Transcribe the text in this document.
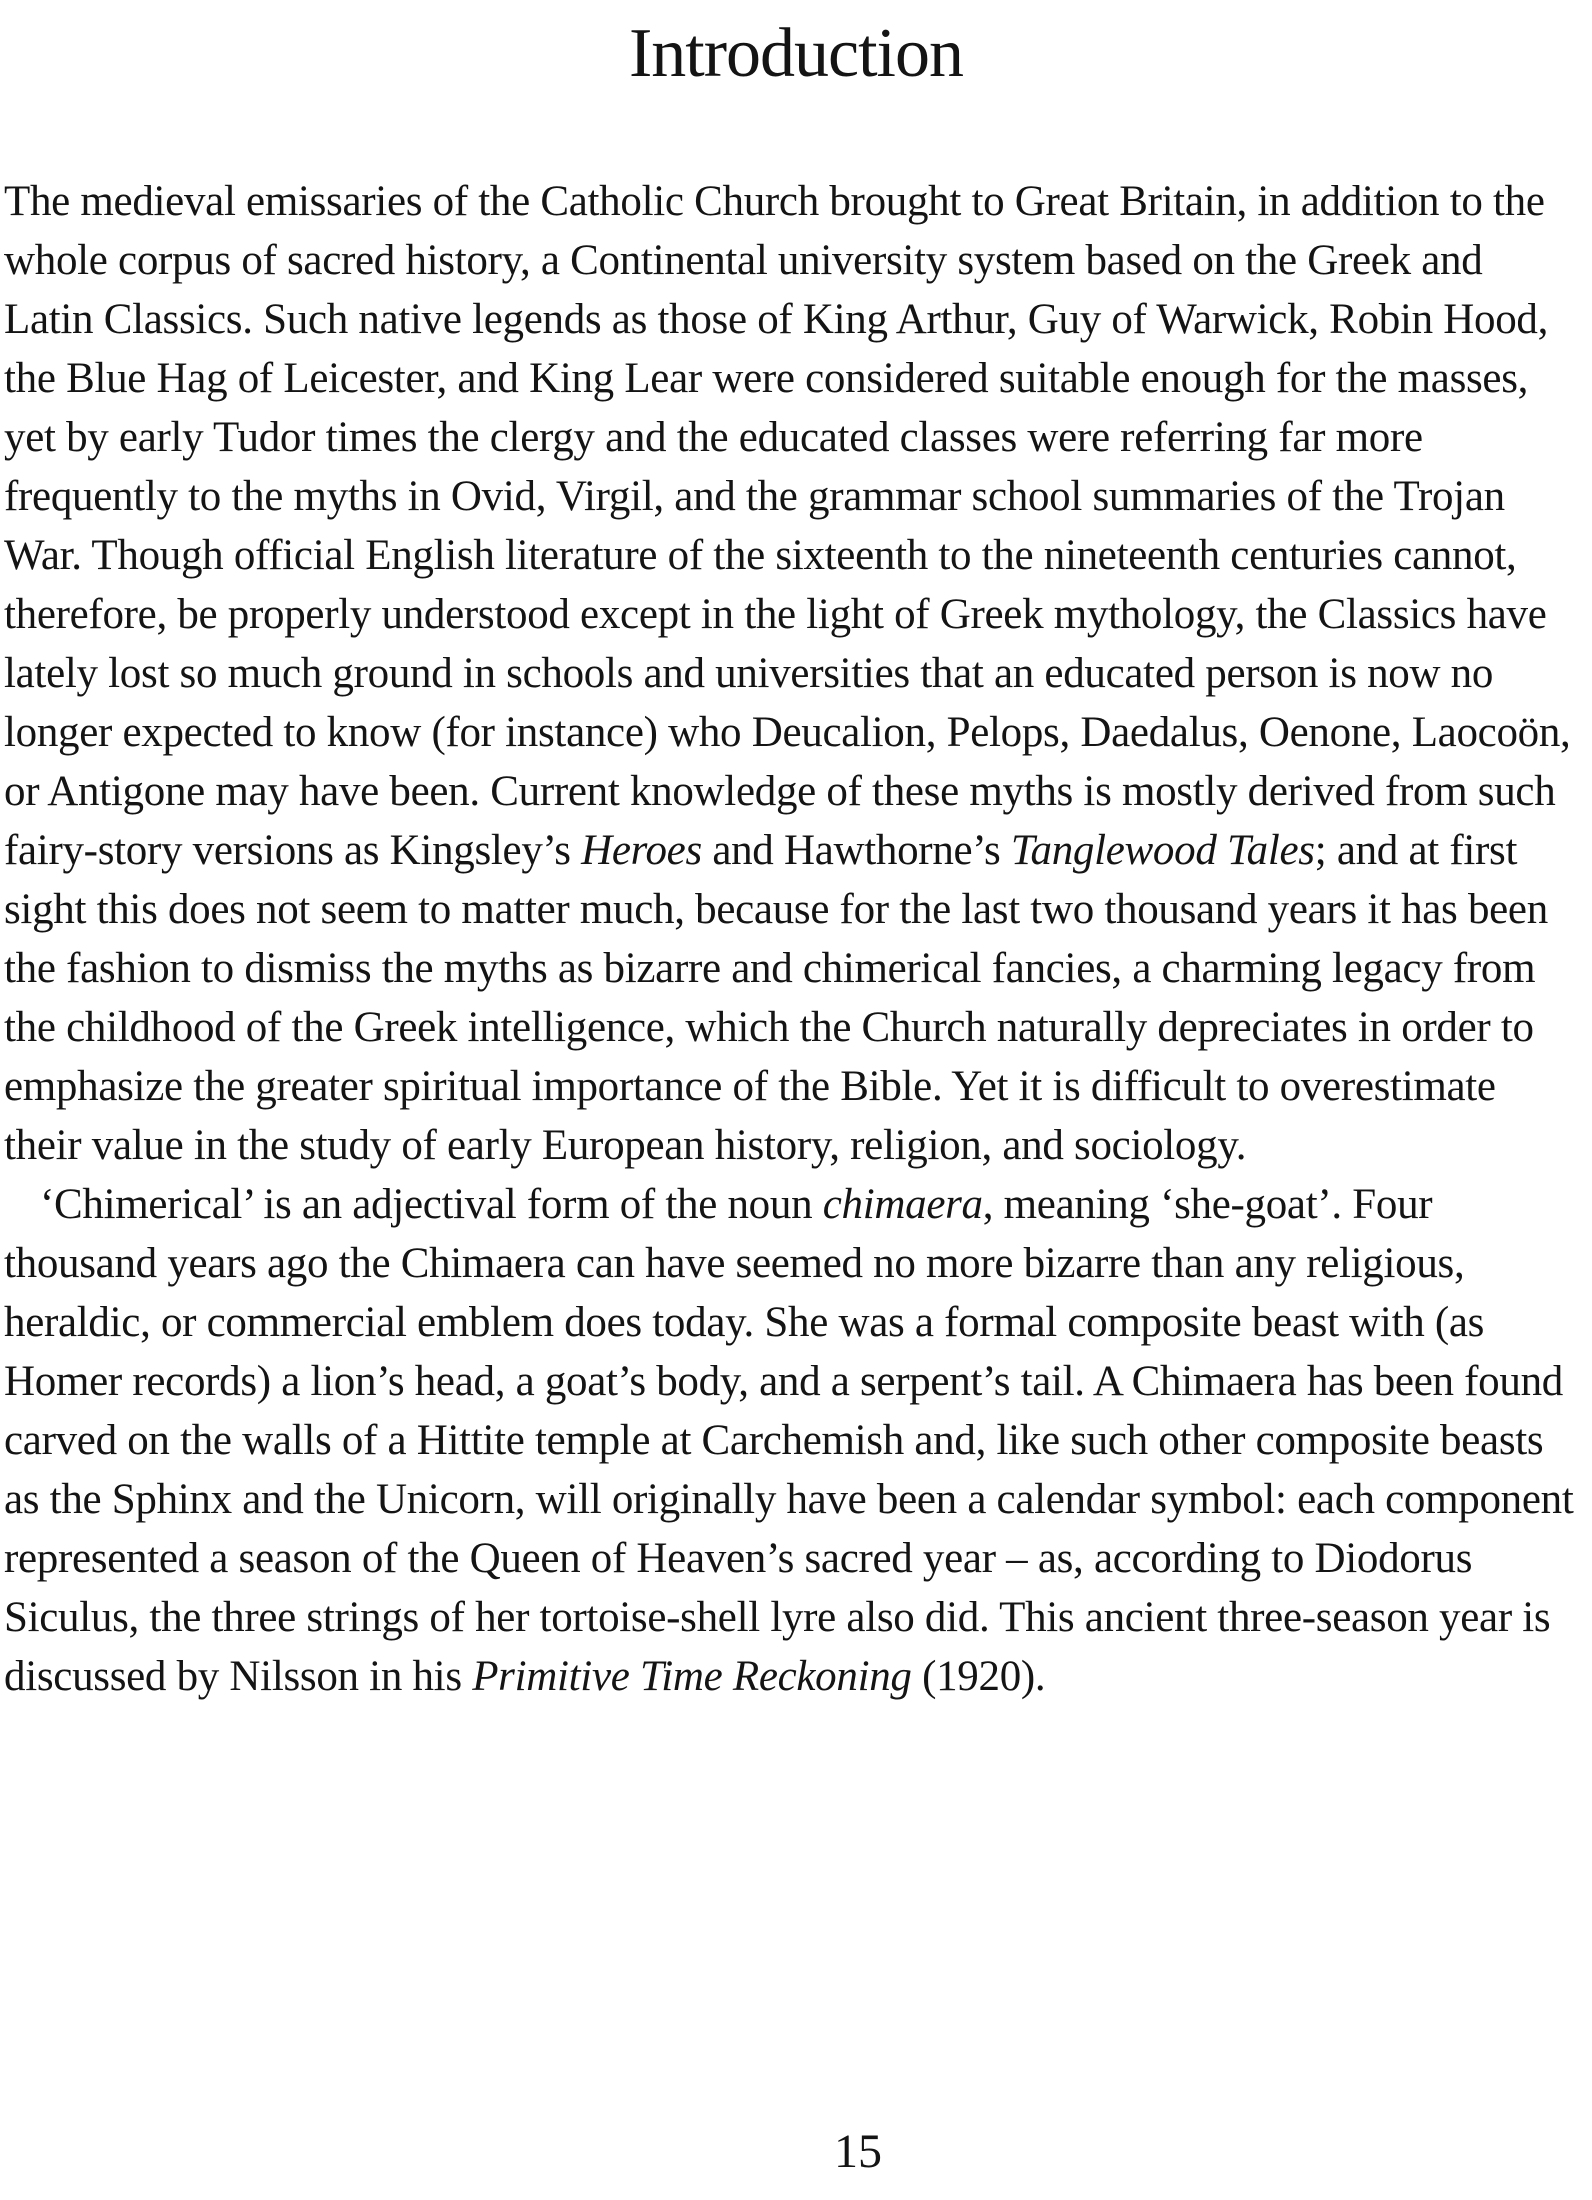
Introduction

The medieval emissaries of the Catholic Church brought to Great Britain, in addition to the whole corpus of sacred history, a Continental university system based on the Greek and Latin Classics. Such native legends as those of King Arthur, Guy of Warwick, Robin Hood, the Blue Hag of Leicester, and King Lear were considered suitable enough for the masses, yet by early Tudor times the clergy and the educated classes were referring far more frequently to the myths in Ovid, Virgil, and the grammar school summaries of the Trojan War. Though official English literature of the sixteenth to the nineteenth centuries cannot, therefore, be properly understood except in the light of Greek mythology, the Classics have lately lost so much ground in schools and universities that an educated person is now no longer expected to know (for instance) who Deucalion, Pelops, Daedalus, Oenone, Laocoön, or Antigone may have been. Current knowledge of these myths is mostly derived from such fairy-story versions as Kingsley’s Heroes and Hawthorne’s Tanglewood Tales; and at first sight this does not seem to matter much, because for the last two thousand years it has been the fashion to dismiss the myths as bizarre and chimerical fancies, a charming legacy from the childhood of the Greek intelligence, which the Church naturally depreciates in order to emphasize the greater spiritual importance of the Bible. Yet it is difficult to overestimate their value in the study of early European history, religion, and sociology.

‘Chimerical’ is an adjectival form of the noun chimaera, meaning ‘she-goat’. Four thousand years ago the Chimaera can have seemed no more bizarre than any religious, heraldic, or commercial emblem does today. She was a formal composite beast with (as Homer records) a lion’s head, a goat’s body, and a serpent’s tail. A Chimaera has been found carved on the walls of a Hittite temple at Carchemish and, like such other composite beasts as the Sphinx and the Unicorn, will originally have been a calendar symbol: each component represented a season of the Queen of Heaven’s sacred year – as, according to Diodorus Siculus, the three strings of her tortoise-shell lyre also did. This ancient three-season year is discussed by Nilsson in his Primitive Time Reckoning (1920).

15
